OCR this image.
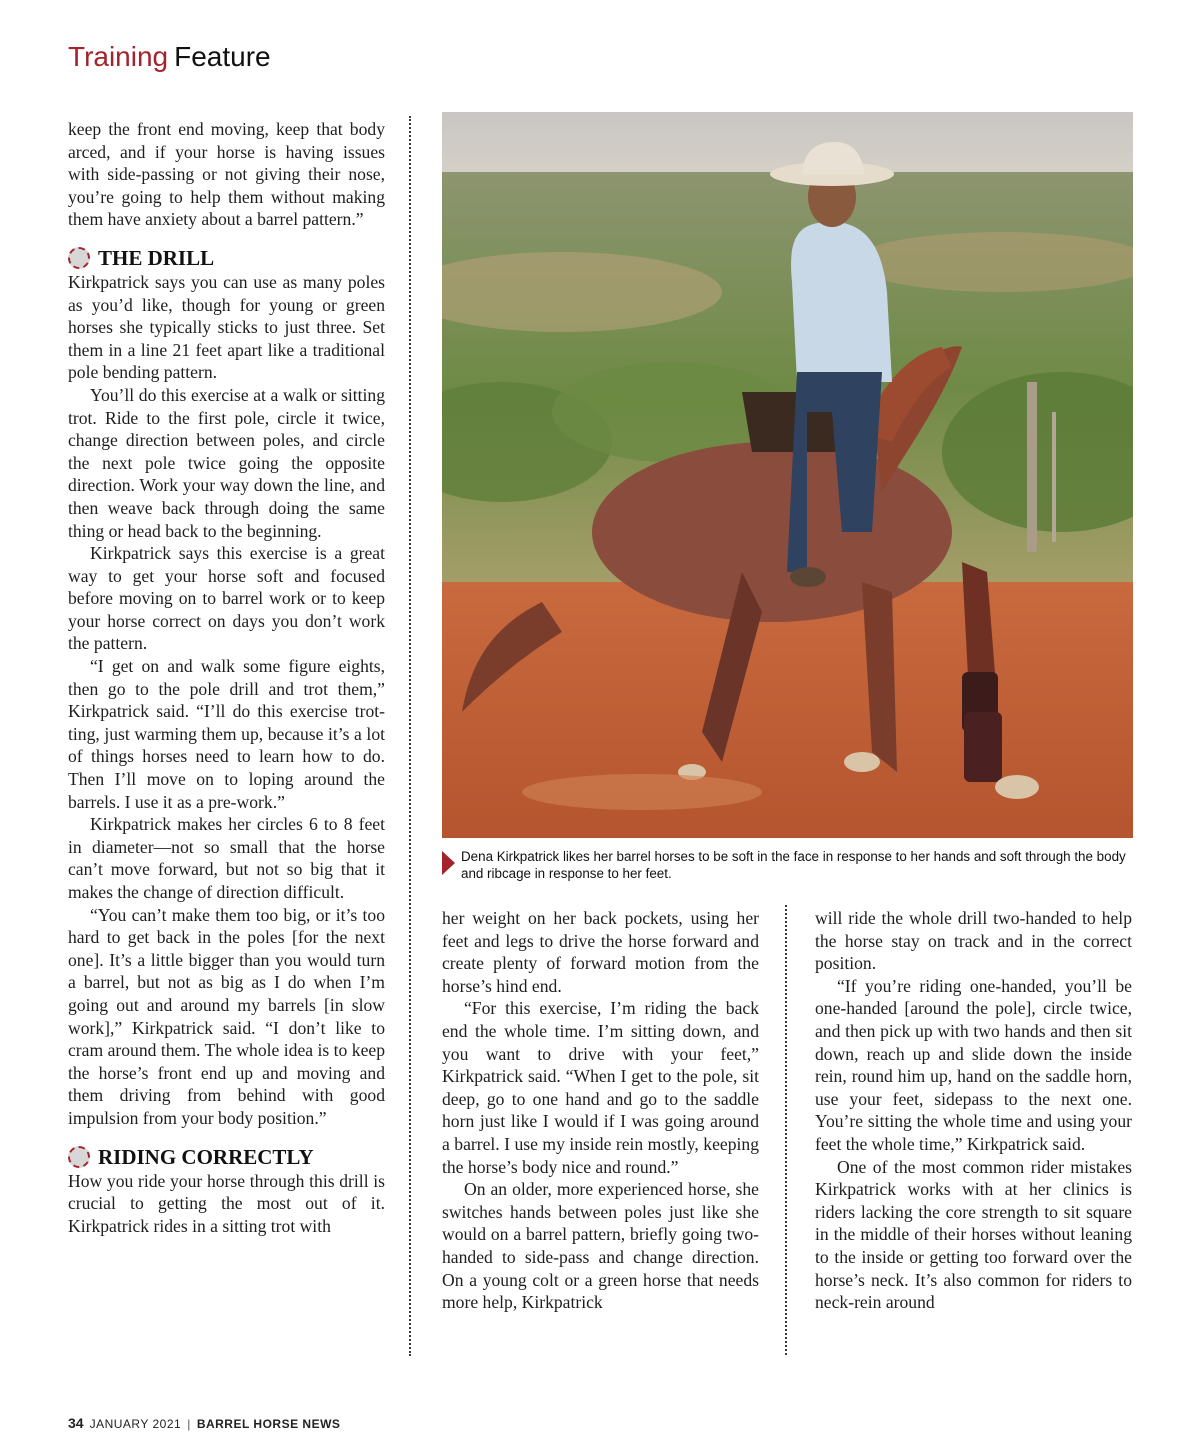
Training Feature

keep the front end moving, keep that body arced, and if your horse is having issues with side-passing or not giving their nose, you’re going to help them without making them have anxiety about a barrel pattern.”

THE DRILL

Kirkpatrick says you can use as many poles as you’d like, though for young or green horses she typically sticks to just three. Set them in a line 21 feet apart like a traditional pole bending pattern.

You’ll do this exercise at a walk or sitting trot. Ride to the first pole, circle it twice, change direction between poles, and circle the next pole twice going the opposite direction. Work your way down the line, and then weave back through doing the same thing or head back to the beginning.

Kirkpatrick says this exercise is a great way to get your horse soft and focused before moving on to barrel work or to keep your horse correct on days you don’t work the pattern.

“I get on and walk some figure eights, then go to the pole drill and trot them,” Kirkpatrick said. “I’ll do this exercise trotting, just warming them up, because it’s a lot of things horses need to learn how to do. Then I’ll move on to loping around the barrels. I use it as a pre-work.”

Kirkpatrick makes her circles 6 to 8 feet in diameter—not so small that the horse can’t move forward, but not so big that it makes the change of direction difficult.

“You can’t make them too big, or it’s too hard to get back in the poles [for the next one]. It’s a little bigger than you would turn a barrel, but not as big as I do when I’m going out and around my barrels [in slow work],” Kirkpatrick said. “I don’t like to cram around them. The whole idea is to keep the horse’s front end up and moving and them driving from behind with good impulsion from your body position.”

RIDING CORRECTLY

How you ride your horse through this drill is crucial to getting the most out of it. Kirkpatrick rides in a sitting trot with

Dena Kirkpatrick likes her barrel horses to be soft in the face in response to her hands and soft through the body and ribcage in response to her feet.

her weight on her back pockets, using her feet and legs to drive the horse forward and create plenty of forward motion from the horse’s hind end.

“For this exercise, I’m riding the back end the whole time. I’m sitting down, and you want to drive with your feet,” Kirkpatrick said. “When I get to the pole, sit deep, go to one hand and go to the saddle horn just like I would if I was going around a barrel. I use my inside rein mostly, keeping the horse’s body nice and round.”

On an older, more experienced horse, she switches hands between poles just like she would on a barrel pattern, briefly going two-handed to side-pass and change direction. On a young colt or a green horse that needs more help, Kirkpatrick

will ride the whole drill two-handed to help the horse stay on track and in the correct position.

“If you’re riding one-handed, you’ll be one-handed [around the pole], circle twice, and then pick up with two hands and then sit down, reach up and slide down the inside rein, round him up, hand on the saddle horn, use your feet, sidepass to the next one. You’re sitting the whole time and using your feet the whole time,” Kirkpatrick said.

One of the most common rider mistakes Kirkpatrick works with at her clinics is riders lacking the core strength to sit square in the middle of their horses without leaning to the inside or getting too forward over the horse’s neck. It’s also common for riders to neck-rein around

34 JANUARY 2021 | BARREL HORSE NEWS
